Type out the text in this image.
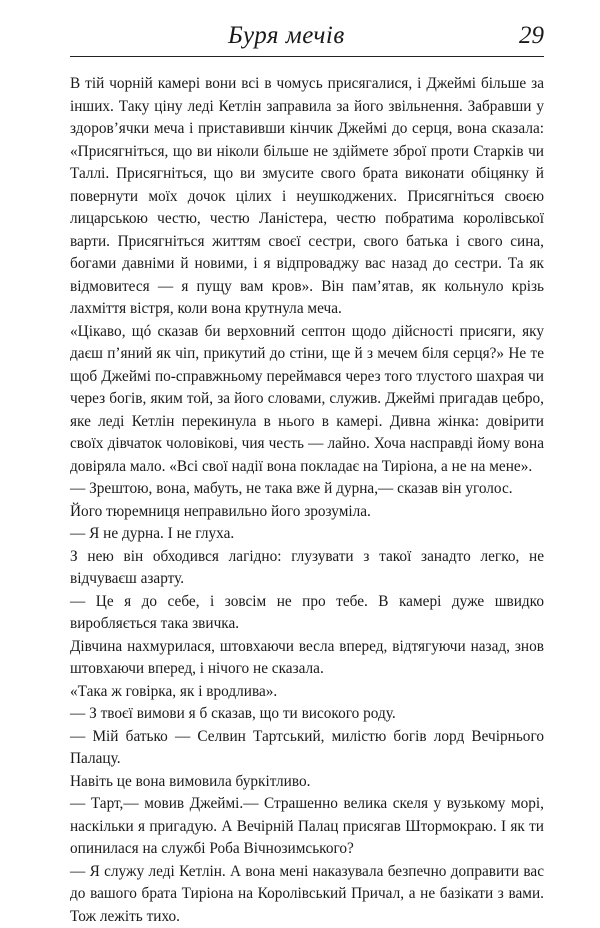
Буря мечів	29

В тій чорній камері вони всі в чомусь присягалися, і Джеймі більше за інших. Таку ціну леді Кетлін заправила за його звільнення. Забравши у здоров’ячки меча і приставивши кінчик Джеймі до серця, вона сказала: «Присягніться, що ви ніколи більше не здіймете зброї проти Старків чи Таллі. Присягніться, що ви змусите свого брата виконати обіцянку й повернути моїх дочок цілих і неушкоджених. Присягніться своєю лицарською честю, честю Ланістера, честю побратима королівської варти. Присягніться життям своєї сестри, свого батька і свого сина, богами давніми й новими, і я відпроваджу вас назад до сестри. Та як відмовитеся — я пущу вам кров». Він пам’ятав, як кольнуло крізь лахміття вістря, коли вона крутнула меча.

«Цікаво, щó сказав би верховний септон щодо дійсності присяги, яку даєш п’яний як чіп, прикутий до стіни, ще й з мечем біля серця?» Не те щоб Джеймі по-справжньому переймався через того тлустого шахрая чи через богів, яким той, за його словами, служив. Джеймі пригадав цебро, яке леді Кетлін перекинула в нього в камері. Дивна жінка: довірити своїх дівчаток чоловікові, чия честь — лайно. Хоча насправді йому вона довіряла мало. «Всі свої надії вона покладає на Тиріона, а не на мене».

— Зрештою, вона, мабуть, не така вже й дурна,— сказав він уголос.

Його тюремниця неправильно його зрозуміла.

— Я не дурна. І не глуха.

З нею він обходився лагідно: глузувати з такої занадто легко, не відчуваєш азарту.

— Це я до себе, і зовсім не про тебе. В камері дуже швидко виробляється така звичка.

Дівчина нахмурилася, штовхаючи весла вперед, відтягуючи назад, знов штовхаючи вперед, і нічого не сказала.

«Така ж говірка, як і вродлива».

— З твоєї вимови я б сказав, що ти високого роду.

— Мій батько — Селвин Тартський, милістю богів лорд Вечірнього Палацу.

Навіть це вона вимовила буркітливо.

— Тарт,— мовив Джеймі.— Страшенно велика скеля у вузькому морі, наскільки я пригадую. А Вечірній Палац присягав Штормокраю. І як ти опинилася на службі Роба Вічнозимського?

— Я служу леді Кетлін. А вона мені наказувала безпечно доправити вас до вашого брата Тиріона на Королівський Причал, а не базікати з вами. Тож лежіть тихо.
